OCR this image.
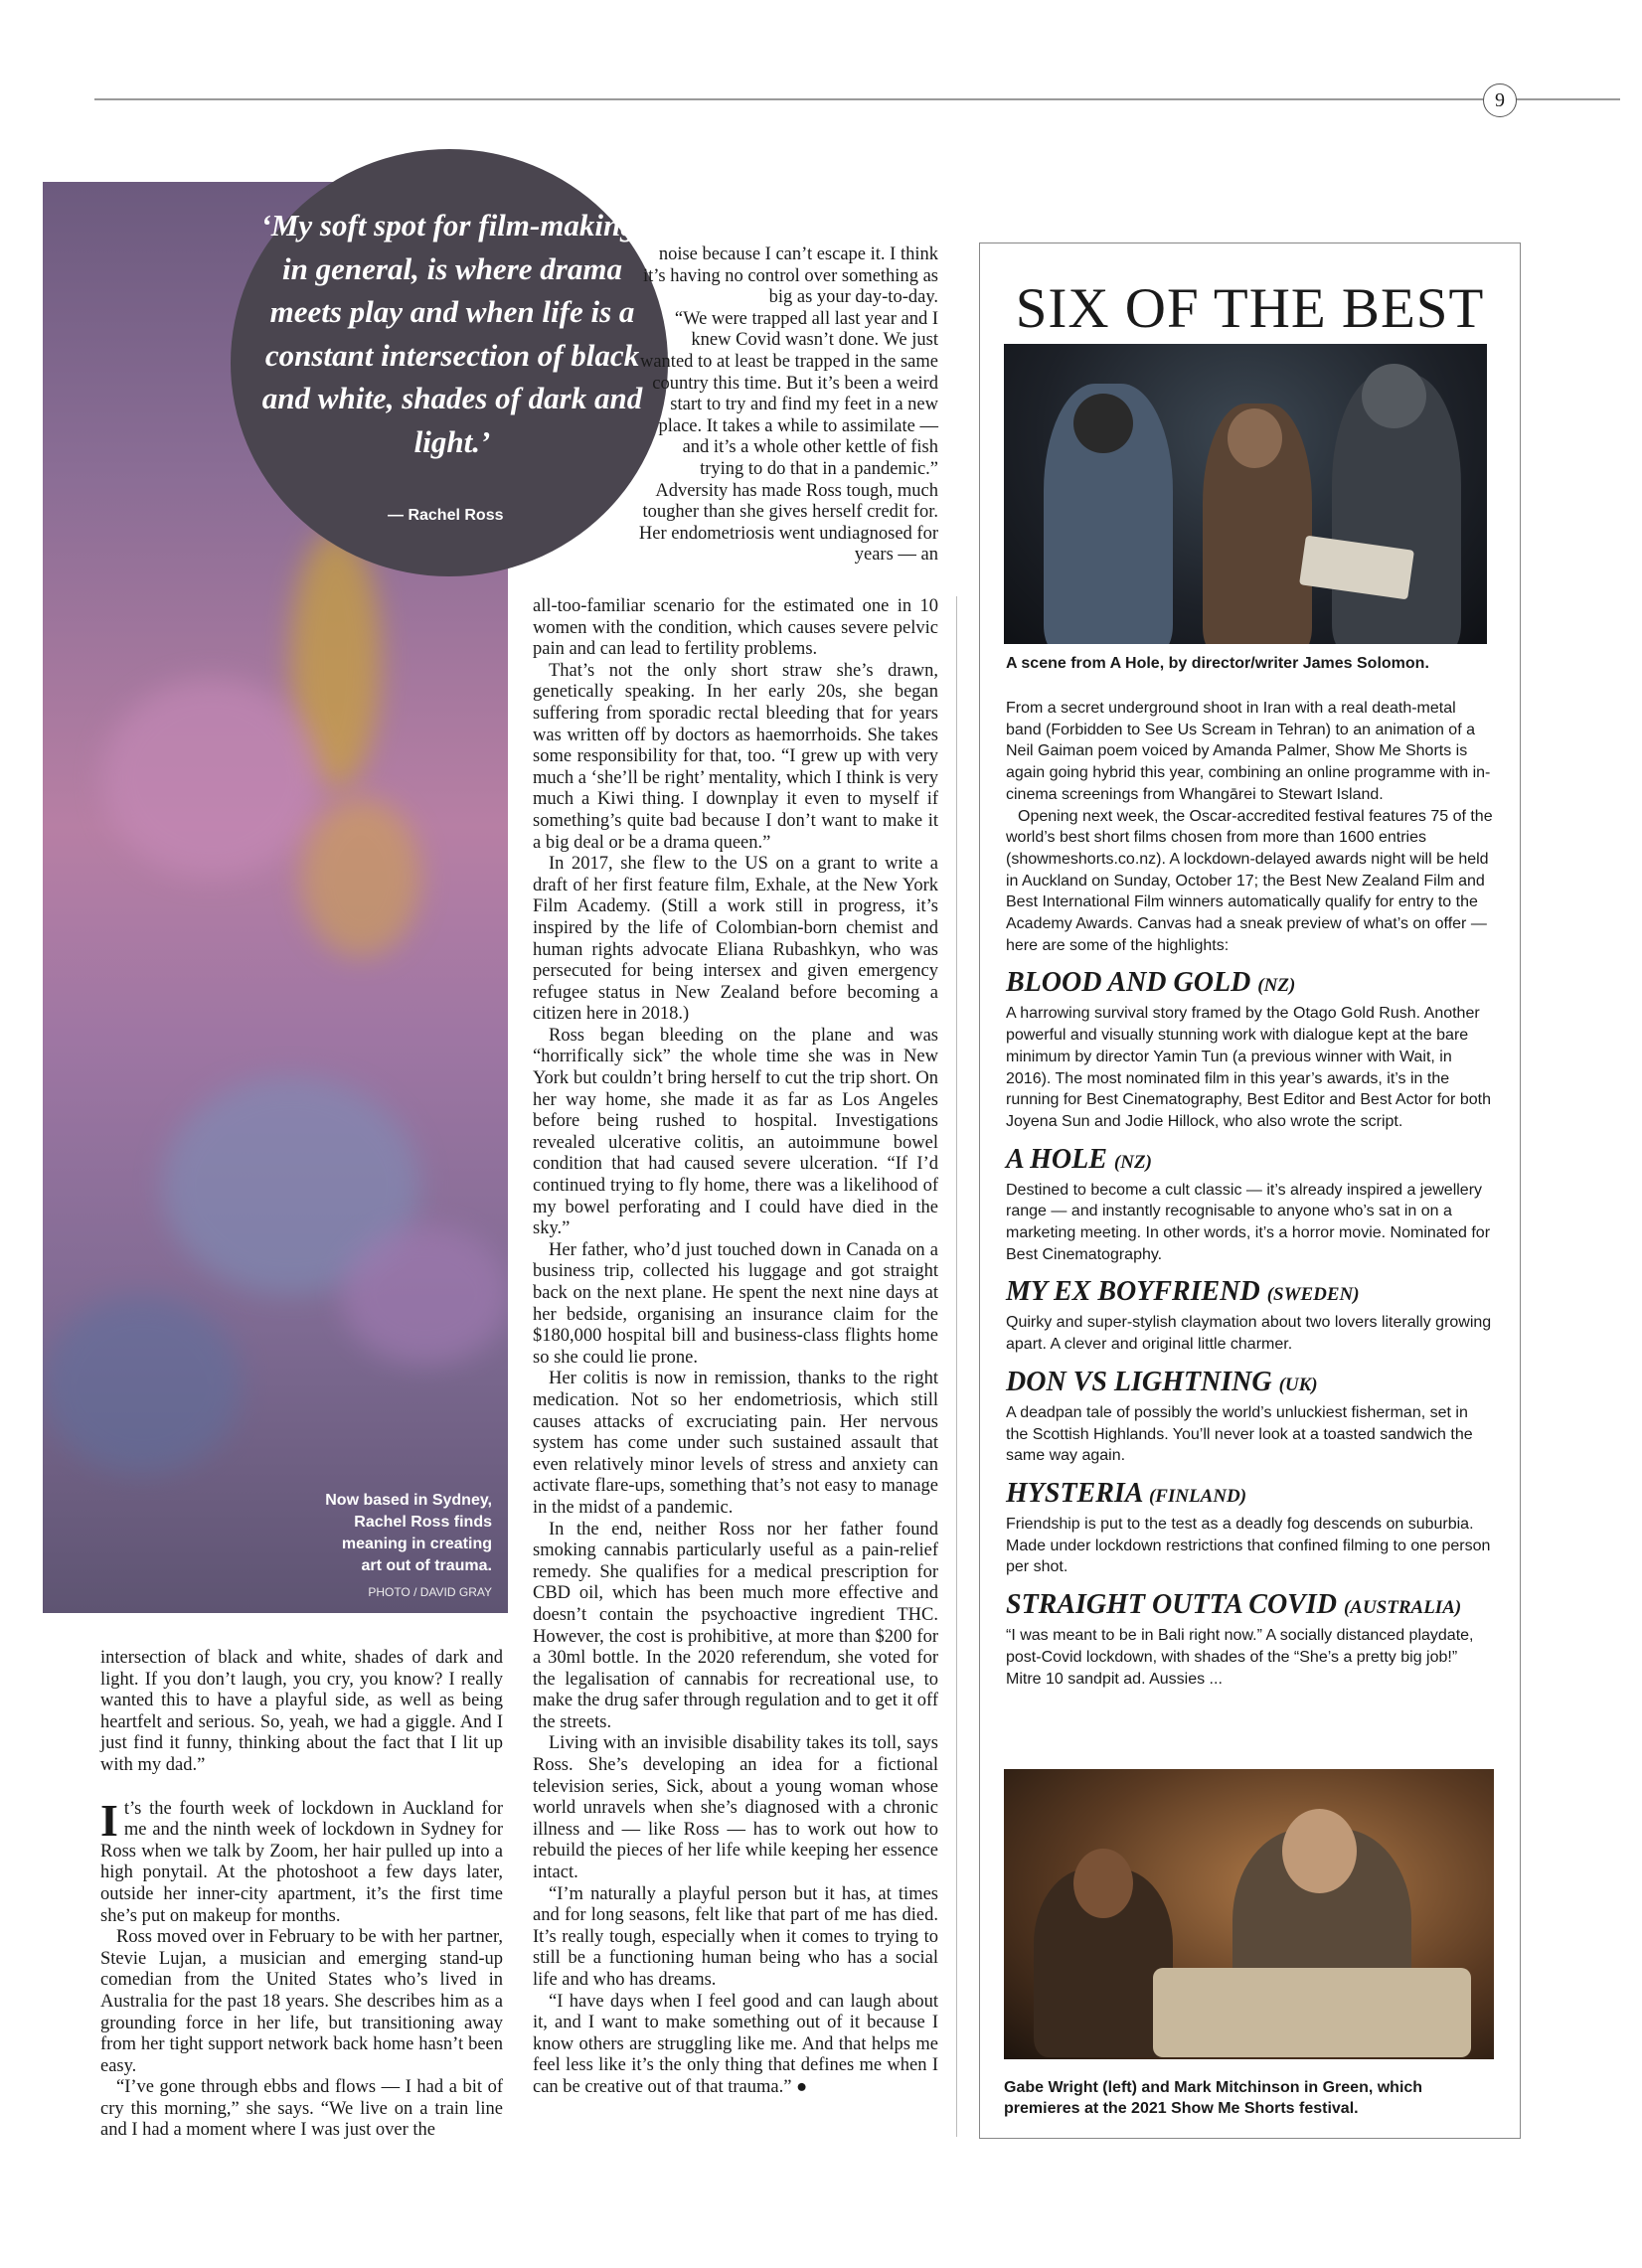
9
Now based in Sydney, Rachel Ross finds meaning in creating art out of trauma.
PHOTO / DAVID GRAY
‘My soft spot for film-making, in general, is where drama meets play and when life is a constant intersection of black and white, shades of dark and light.’
— Rachel Ross

intersection of black and white, shades of dark and light. If you don’t laugh, you cry, you know? I really wanted this to have a playful side, as well as being heartfelt and serious. So, yeah, we had a giggle. And I just find it funny, thinking about the fact that I lit up with my dad.”

It’s the fourth week of lockdown in Auckland for me and the ninth week of lockdown in Sydney for Ross when we talk by Zoom, her hair pulled up into a high ponytail. At the photoshoot a few days later, outside her inner-city apartment, it’s the first time she’s put on makeup for months.

Ross moved over in February to be with her partner, Stevie Lujan, a musician and emerging stand-up comedian from the United States who’s lived in Australia for the past 18 years. She describes him as a grounding force in her life, but transitioning away from her tight support network back home hasn’t been easy.

“I’ve gone through ebbs and flows — I had a bit of cry this morning,” she says. “We live on a train line and I had a moment where I was just over the

noise because I can’t escape it. I think it’s having no control over something as big as your day-to-day.

“We were trapped all last year and I knew Covid wasn’t done. We just wanted to at least be trapped in the same country this time. But it’s been a weird start to try and find my feet in a new place. It takes a while to assimilate — and it’s a whole other kettle of fish trying to do that in a pandemic.”

Adversity has made Ross tough, much tougher than she gives herself credit for. Her endometriosis went undiagnosed for years — an

all-too-familiar scenario for the estimated one in 10 women with the condition, which causes severe pelvic pain and can lead to fertility problems.

That’s not the only short straw she’s drawn, genetically speaking. In her early 20s, she began suffering from sporadic rectal bleeding that for years was written off by doctors as haemorrhoids. She takes some responsibility for that, too. “I grew up with very much a ‘she’ll be right’ mentality, which I think is very much a Kiwi thing. I downplay it even to myself if something’s quite bad because I don’t want to make it a big deal or be a drama queen.”

In 2017, she flew to the US on a grant to write a draft of her first feature film, Exhale, at the New York Film Academy. (Still a work still in progress, it’s inspired by the life of Colombian-born chemist and human rights advocate Eliana Rubashkyn, who was persecuted for being intersex and given emergency refugee status in New Zealand before becoming a citizen here in 2018.)

Ross began bleeding on the plane and was “horrifically sick” the whole time she was in New York but couldn’t bring herself to cut the trip short. On her way home, she made it as far as Los Angeles before being rushed to hospital. Investigations revealed ulcerative colitis, an autoimmune bowel condition that had caused severe ulceration. “If I’d continued trying to fly home, there was a likelihood of my bowel perforating and I could have died in the sky.”

Her father, who’d just touched down in Canada on a business trip, collected his luggage and got straight back on the next plane. He spent the next nine days at her bedside, organising an insurance claim for the $180,000 hospital bill and business-class flights home so she could lie prone.

Her colitis is now in remission, thanks to the right medication. Not so her endometriosis, which still causes attacks of excruciating pain. Her nervous system has come under such sustained assault that even relatively minor levels of stress and anxiety can activate flare-ups, something that’s not easy to manage in the midst of a pandemic.

In the end, neither Ross nor her father found smoking cannabis particularly useful as a pain-relief remedy. She qualifies for a medical prescription for CBD oil, which has been much more effective and doesn’t contain the psychoactive ingredient THC. However, the cost is prohibitive, at more than $200 for a 30ml bottle. In the 2020 referendum, she voted for the legalisation of cannabis for recreational use, to make the drug safer through regulation and to get it off the streets.

Living with an invisible disability takes its toll, says Ross. She’s developing an idea for a fictional television series, Sick, about a young woman whose world unravels when she’s diagnosed with a chronic illness and — like Ross — has to work out how to rebuild the pieces of her life while keeping her essence intact.

“I’m naturally a playful person but it has, at times and for long seasons, felt like that part of me has died. It’s really tough, especially when it comes to trying to still be a functioning human being who has a social life and who has dreams.

“I have days when I feel good and can laugh about it, and I want to make something out of it because I know others are struggling like me. And that helps me feel less like it’s the only thing that defines me when I can be creative out of that trauma.” ●

SIX OF THE BEST
A scene from A Hole, by director/writer James Solomon.

From a secret underground shoot in Iran with a real death-metal band (Forbidden to See Us Scream in Tehran) to an animation of a Neil Gaiman poem voiced by Amanda Palmer, Show Me Shorts is again going hybrid this year, combining an online programme with in-cinema screenings from Whangārei to Stewart Island.

Opening next week, the Oscar-accredited festival features 75 of the world’s best short films chosen from more than 1600 entries (showmeshorts.co.nz). A lockdown-delayed awards night will be held in Auckland on Sunday, October 17; the Best New Zealand Film and Best International Film winners automatically qualify for entry to the Academy Awards. Canvas had a sneak preview of what’s on offer — here are some of the highlights:

BLOOD AND GOLD (NZ)

A harrowing survival story framed by the Otago Gold Rush. Another powerful and visually stunning work with dialogue kept at the bare minimum by director Yamin Tun (a previous winner with Wait, in 2016). The most nominated film in this year’s awards, it’s in the running for Best Cinematography, Best Editor and Best Actor for both Joyena Sun and Jodie Hillock, who also wrote the script.

A HOLE (NZ)

Destined to become a cult classic — it’s already inspired a jewellery range — and instantly recognisable to anyone who’s sat in on a marketing meeting. In other words, it’s a horror movie. Nominated for Best Cinematography.

MY EX BOYFRIEND (SWEDEN)

Quirky and super-stylish claymation about two lovers literally growing apart. A clever and original little charmer.

DON VS LIGHTNING (UK)

A deadpan tale of possibly the world’s unluckiest fisherman, set in the Scottish Highlands. You’ll never look at a toasted sandwich the same way again.

HYSTERIA (FINLAND)

Friendship is put to the test as a deadly fog descends on suburbia. Made under lockdown restrictions that confined filming to one person per shot.

STRAIGHT OUTTA COVID (AUSTRALIA)

“I was meant to be in Bali right now.” A socially distanced playdate, post-Covid lockdown, with shades of the “She’s a pretty big job!” Mitre 10 sandpit ad. Aussies ...

Gabe Wright (left) and Mark Mitchinson in Green, which premieres at the 2021 Show Me Shorts festival.
